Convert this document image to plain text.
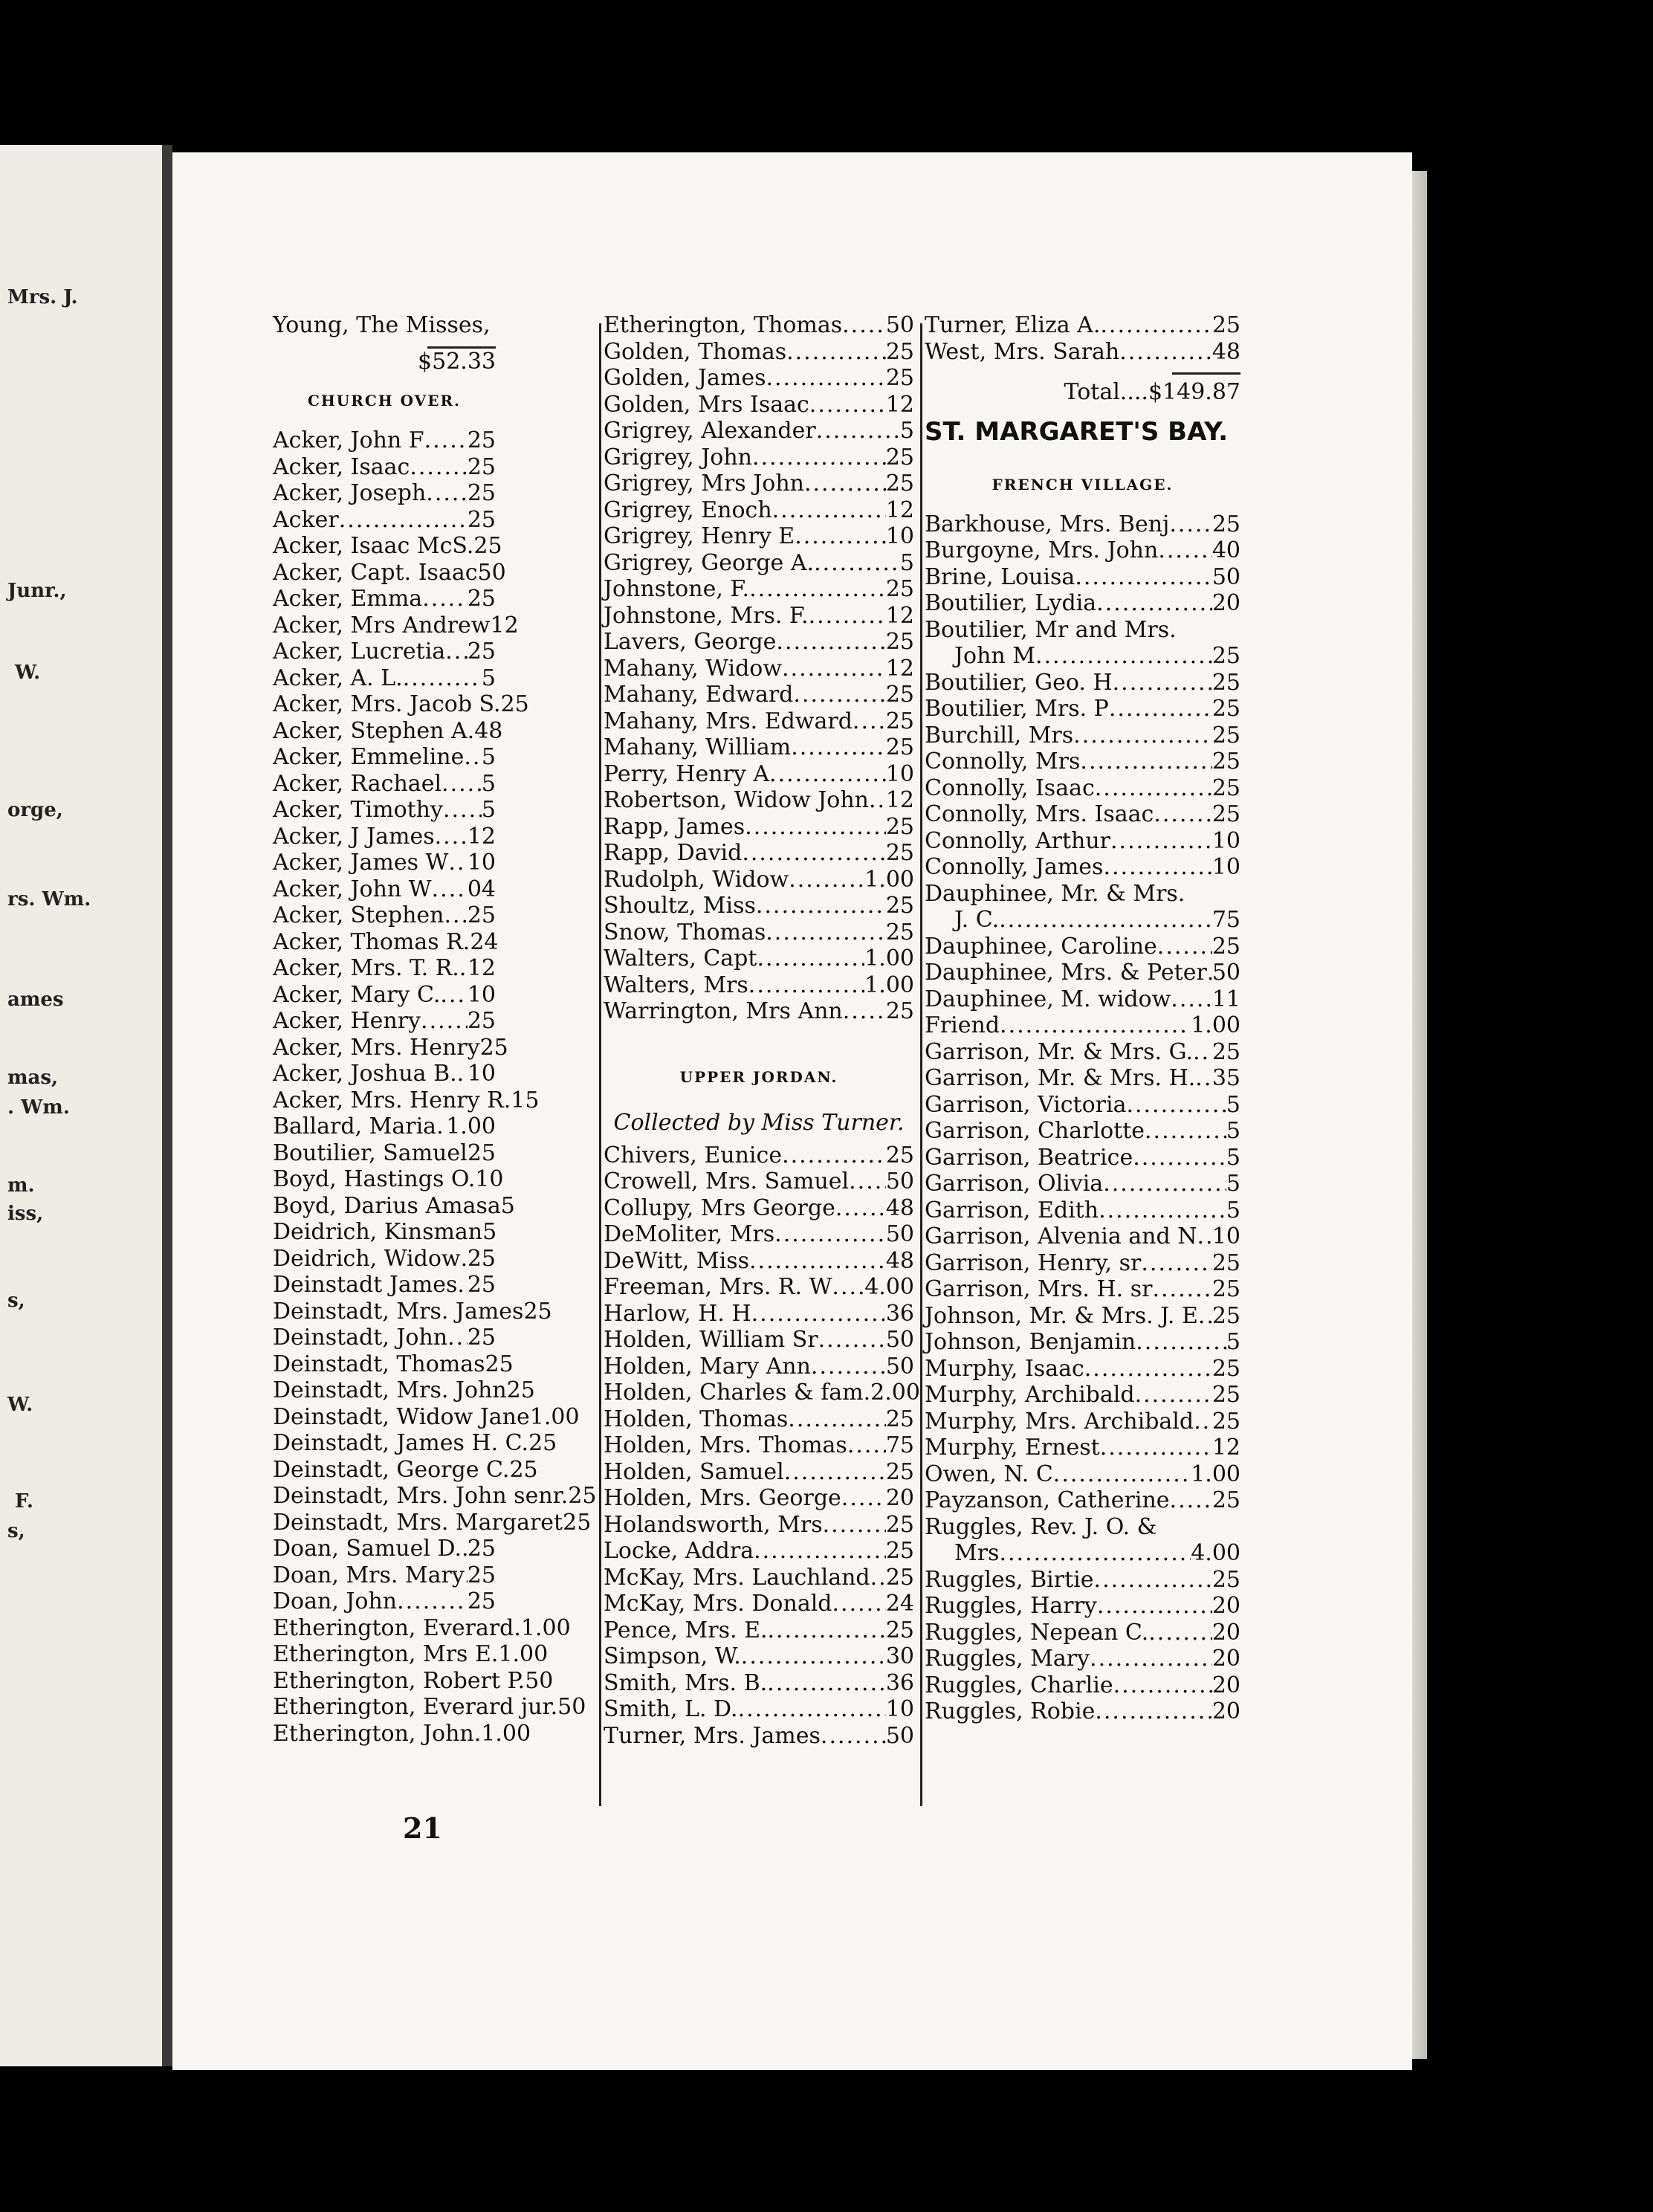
Mrs. J.
Junr.,
W.
orge,
rs. Wm.
ames
mas,
. Wm.
m.
iss,
s,
W.
F.
s,
Young, The Misses,
$52.33
CHURCH OVER.
Acker, John F ..... 25
Acker, Isaac .....	25
Acker, Joseph ..... 25
Acker .....	25
Acker, Isaac McS. 25
Acker, Capt. Isaac 50
Acker, Emma ..... 25
Acker, Mrs Andrew 12
Acker, Lucretia ..... 25
Acker, A. L. .....	5
Acker, Mrs. Jacob S. 25
Acker, Stephen A. 48
Acker, Emmeline ..... 5
Acker, Rachael ..... 5
Acker, Timothy ..... 5
Acker, J James ..... 12
Acker, James W ..... 10
Acker, John W ..... 04
Acker, Stephen ..... 25
Acker, Thomas R. 24
Acker, Mrs. T. R. ..... 12
Acker, Mary C. ..... 10
Acker, Henry ..... 25
Acker, Mrs. Henry 25
Acker, Joshua B. ..... 10
Acker, Mrs. Henry R. 15
Ballard, Maria ..... 1.00
Boutilier, Samuel ..... 25
Boyd, Hastings O. 10
Boyd, Darius Amasa 5
Deidrich, Kinsman 5
Deidrich, Widow ..... 25
Deinstadt James ..... 25
Deinstadt, Mrs. James 25
Deinstadt, John ..... 25
Deinstadt, Thomas 25
Deinstadt, Mrs. John 25
Deinstadt, Widow Jane 1.00
Deinstadt, James H. C. 25
Deinstadt, George C. 25
Deinstadt, Mrs. John senr. 25
Deinstadt, Mrs. Margaret 25
Doan, Samuel D. ..... 25
Doan, Mrs. Mary ..... 25
Doan, John .....	25
Etherington, Everard. 1.00
Etherington, Mrs E. 1.00
Etherington, Robert P. 50
Etherington, Everard jur. 50
Etherington, John. 1.00
Etherington, Thomas ..... 50
Golden, Thomas .....	25
Golden, James .....	25
Golden, Mrs Isaac .....	12
Grigrey, Alexander .....	5
Grigrey, John .....	25
Grigrey, Mrs John .....	25
Grigrey, Enoch .....	12
Grigrey, Henry E .....	10
Grigrey, George A. .....	5
Johnstone, F. .....	25
Johnstone, Mrs. F. .....	12
Lavers, George .....	25
Mahany, Widow .....	12
Mahany, Edward .....	25
Mahany, Mrs. Edward ..... 25
Mahany, William .....	25
Perry, Henry A .....	10
Robertson, Widow John ..... 12
Rapp, James .....	25
Rapp, David .....	25
Rudolph, Widow .....	1.00
Shoultz, Miss .....	25
Snow, Thomas .....	25
Walters, Capt .....	1.00
Walters, Mrs .....	1.00
Warrington, Mrs Ann ..... 25
UPPER JORDAN.
Collected by Miss Turner.
Chivers, Eunice .....	25
Crowell, Mrs. Samuel ..... 50
Collupy, Mrs George ..... 48
DeMoliter, Mrs .....	50
DeWitt, Miss .....	48
Freeman, Mrs. R. W ..... 4.00
Harlow, H. H .....	36
Holden, William Sr .....	50
Holden, Mary Ann .....	50
Holden, Charles & fam. 2.00
Holden, Thomas .....	25
Holden, Mrs. Thomas ..... 75
Holden, Samuel .....	25
Holden, Mrs. George ..... 20
Holandsworth, Mrs .....	25
Locke, Addra .....	25
McKay, Mrs. Lauchland ..... 25
McKay, Mrs. Donald ..... 24
Pence, Mrs. E. .....	25
Simpson, W. .....	30
Smith, Mrs. B. .....	36
Smith, L. D. .....	10
Turner, Mrs. James .....	50
Turner, Eliza A. .....	25
West, Mrs. Sarah .....	48
Total....$149.87
ST. MARGARET'S BAY.
FRENCH VILLAGE.
Barkhouse, Mrs. Benj ..... 25
Burgoyne, Mrs. John ..... 40
Brine, Louisa .....	50
Boutilier, Lydia .....	20
Boutilier, Mr and Mrs.
John M .....	25
Boutilier, Geo. H .....	25
Boutilier, Mrs. P .....	25
Burchill, Mrs .....	25
Connolly, Mrs .....	25
Connolly, Isaac .....	25
Connolly, Mrs. Isaac .....	25
Connolly, Arthur .....	10
Connolly, James .....	10
Dauphinee, Mr. & Mrs.
J. C. .....	75
Dauphinee, Caroline ..... 25
Dauphinee, Mrs. & Peter ..... 50
Dauphinee, M. widow ..... 11
Friend .....	1.00
Garrison, Mr. & Mrs. G. ..... 25
Garrison, Mr. & Mrs. H. ..... 35
Garrison, Victoria .....	5
Garrison, Charlotte .....	5
Garrison, Beatrice .....	5
Garrison, Olivia .....	5
Garrison, Edith .....	5
Garrison, Alvenia and N ..... 10
Garrison, Henry, sr .....	25
Garrison, Mrs. H. sr .....	25
Johnson, Mr. & Mrs. J. E ..... 25
Johnson, Benjamin .....	5
Murphy, Isaac .....	25
Murphy, Archibald .....	25
Murphy, Mrs. Archibald ..... 25
Murphy, Ernest .....	12
Owen, N. C .....	1.00
Payzanson, Catherine ..... 25
Ruggles, Rev. J. O. &
Mrs .....	4.00
Ruggles, Birtie .....	25
Ruggles, Harry .....	20
Ruggles, Nepean C. .....	20
Ruggles, Mary .....	20
Ruggles, Charlie .....	20
Ruggles, Robie .....	20
21
